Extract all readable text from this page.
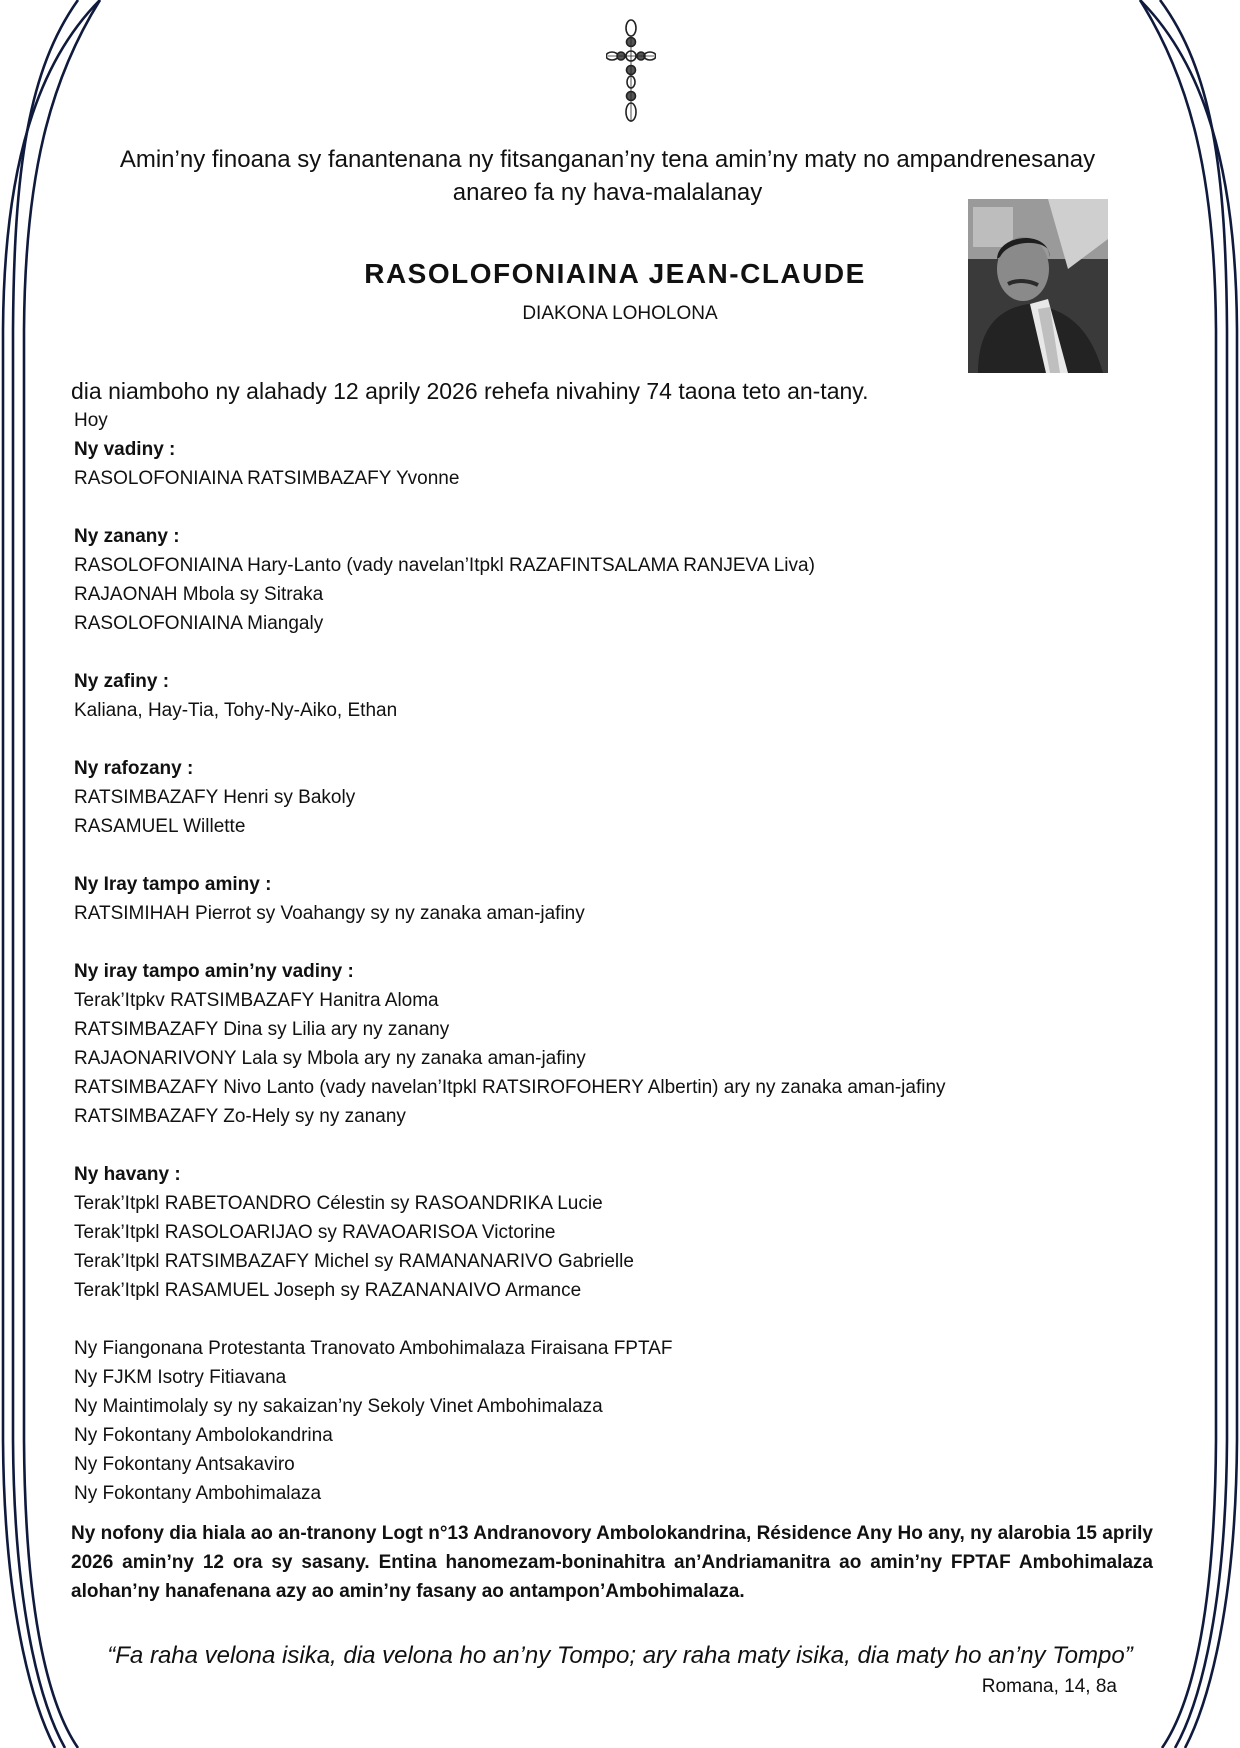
Amin’ny finoana sy fanantenana ny fitsanganan’ny tena amin’ny maty no ampandrenesanay
anareo fa ny hava-malalanay
RASOLOFONIAINA JEAN-CLAUDE
DIAKONA LOHOLONA
dia niamboho ny alahady 12 aprily 2026 rehefa nivahiny 74 taona teto an-tany.
Hoy
Ny vadiny :
RASOLOFONIAINA RATSIMBAZAFY Yvonne
Ny zanany :
RASOLOFONIAINA Hary-Lanto (vady navelan’Itpkl RAZAFINTSALAMA RANJEVA Liva)
RAJAONAH Mbola sy Sitraka
RASOLOFONIAINA Miangaly
Ny zafiny :
Kaliana, Hay-Tia, Tohy-Ny-Aiko, Ethan
Ny rafozany :
RATSIMBAZAFY Henri sy Bakoly
RASAMUEL Willette
Ny Iray tampo aminy :
RATSIMIHAH Pierrot sy Voahangy sy ny zanaka aman-jafiny
Ny iray tampo amin’ny vadiny :
Terak’Itpkv RATSIMBAZAFY Hanitra Aloma
RATSIMBAZAFY Dina sy Lilia ary ny zanany
RAJAONARIVONY Lala sy Mbola ary ny zanaka aman-jafiny
RATSIMBAZAFY Nivo Lanto (vady navelan’Itpkl RATSIROFOHERY Albertin) ary ny zanaka aman-jafiny
RATSIMBAZAFY Zo-Hely sy ny zanany
Ny havany :
Terak’Itpkl RABETOANDRO Célestin sy RASOANDRIKA Lucie
Terak’Itpkl RASOLOARIJAO sy RAVAOARISOA Victorine
Terak’Itpkl RATSIMBAZAFY Michel sy RAMANANARIVO Gabrielle
Terak’Itpkl RASAMUEL Joseph sy RAZANANAIVO Armance
Ny Fiangonana Protestanta Tranovato Ambohimalaza Firaisana FPTAF
Ny FJKM Isotry Fitiavana
Ny Maintimolaly sy ny sakaizan’ny Sekoly Vinet Ambohimalaza
Ny Fokontany Ambolokandrina
Ny Fokontany Antsakaviro
Ny Fokontany Ambohimalaza
Ny nofony dia hiala ao an-tranony Logt n°13 Andranovory Ambolokandrina, Résidence Any Ho any, ny alarobia 15 aprily 2026 amin’ny 12 ora sy sasany. Entina hanomezam-boninahitra an’Andriamanitra ao amin’ny FPTAF Ambohimalaza alohan’ny hanafenana azy ao amin’ny fasany ao antampon’Ambohimalaza.
“Fa raha velona isika, dia velona ho an’ny Tompo; ary raha maty isika, dia maty ho an’ny Tompo”
Romana, 14, 8a
